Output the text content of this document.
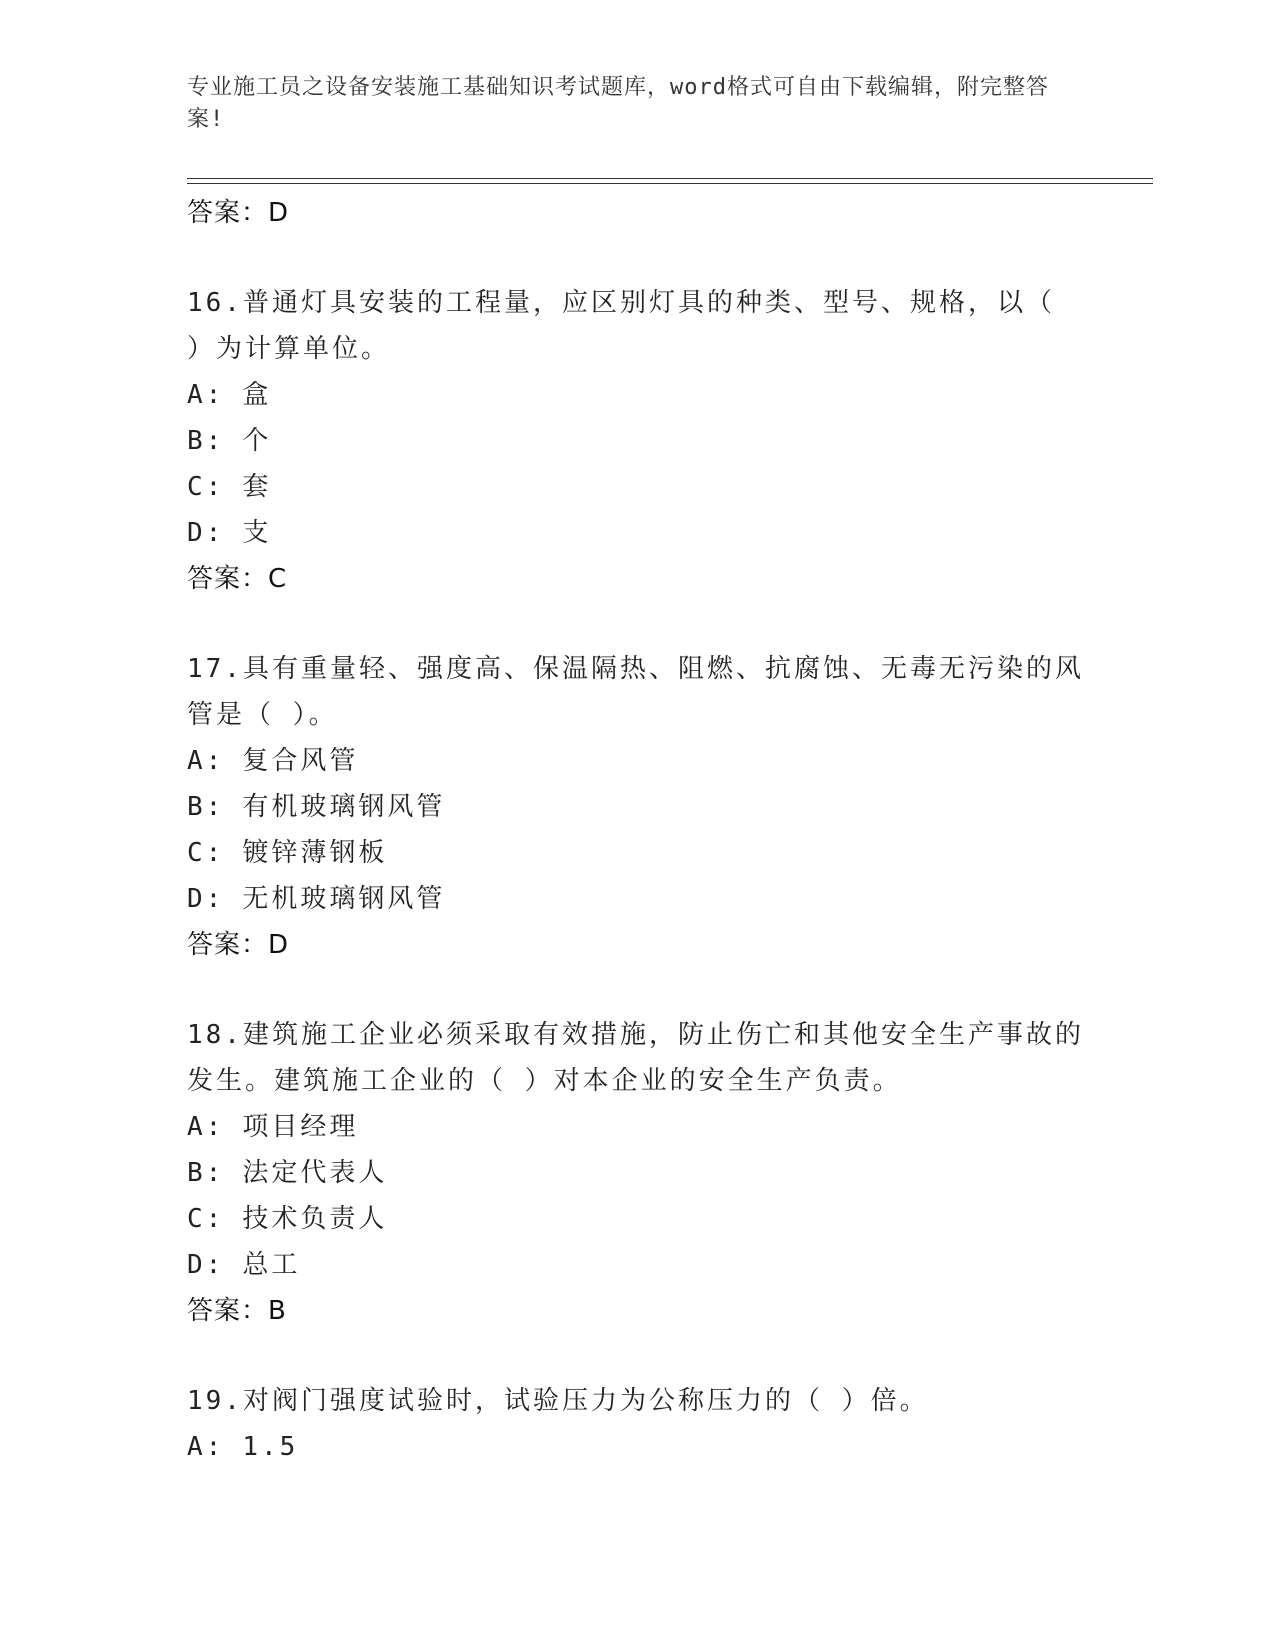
专业施工员之设备安装施工基础知识考试题库，word格式可自由下载编辑，附完整答案!
答案：D

16.普通灯具安装的工程量，应区别灯具的种类、型号、规格，以（ ）为计算单位。

A: 盒
B: 个
C: 套
D: 支
答案：C

17.具有重量轻、强度高、保温隔热、阻燃、抗腐蚀、无毒无污染的风管是（ ）。

A: 复合风管
B: 有机玻璃钢风管
C: 镀锌薄钢板
D: 无机玻璃钢风管
答案：D

18.建筑施工企业必须采取有效措施，防止伤亡和其他安全生产事故的发生。建筑施工企业的（ ）对本企业的安全生产负责。

A: 项目经理
B: 法定代表人
C: 技术负责人
D: 总工
答案：B

19.对阀门强度试验时，试验压力为公称压力的（ ）倍。

A: 1.5
